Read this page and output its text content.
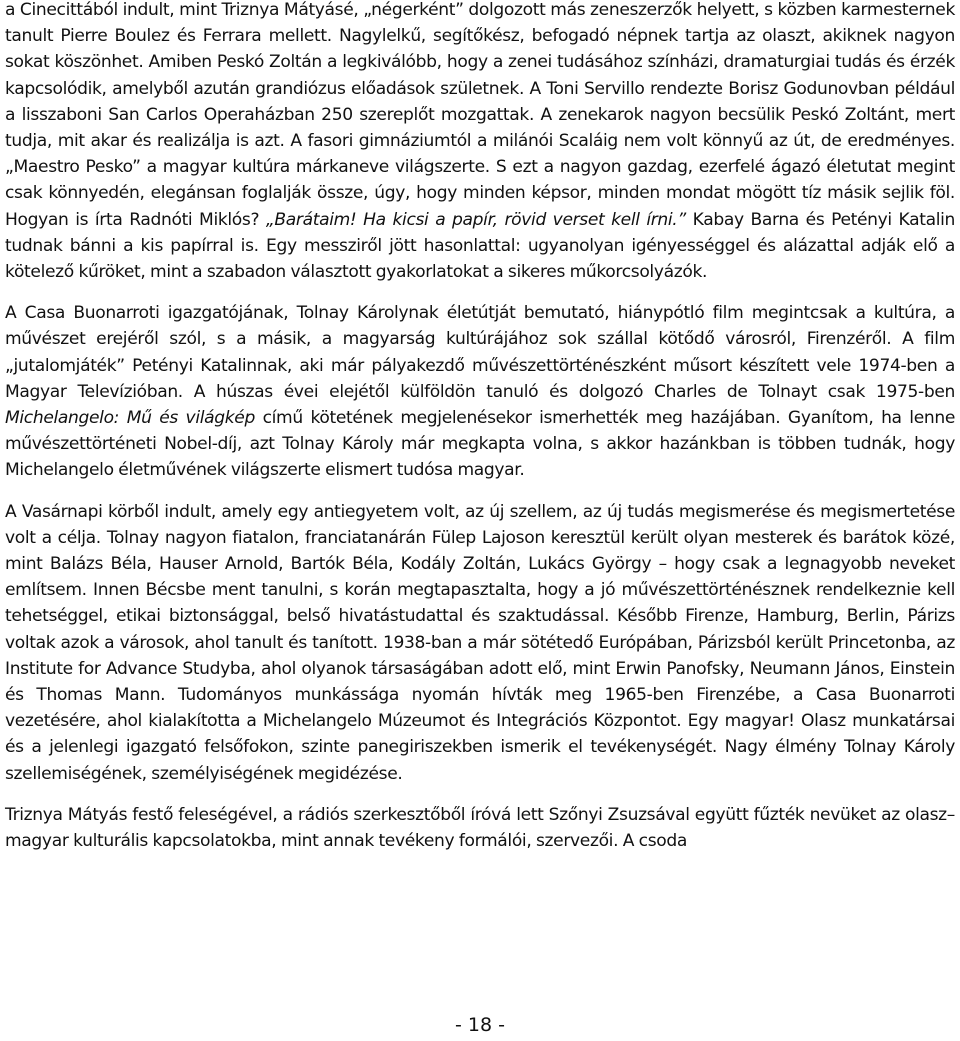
a Cinecittából indult, mint Triznya Mátyásé, „négerként” dolgozott más zeneszerzők helyett, s közben karmesternek tanult Pierre Boulez és Ferrara mellett. Nagylelkű, segítőkész, befogadó népnek tartja az olaszt, akiknek nagyon sokat köszönhet. Amiben Peskó Zoltán a legkiválóbb, hogy a zenei tudásához színházi, dramaturgiai tudás és érzék kapcsolódik, amelyből azután grandiózus előadások születnek. A Toni Servillo rendezte Borisz Godunovban például a lisszaboni San Carlos Operaházban 250 szereplőt mozgattak. A zenekarok nagyon becsülik Peskó Zoltánt, mert tudja, mit akar és realizálja is azt. A fasori gimnáziumtól a milánói Scaláig nem volt könnyű az út, de eredményes. „Maestro Pesko” a magyar kultúra márkaneve világszerte. S ezt a nagyon gazdag, ezerfelé ágazó életutat megint csak könnyedén, elegánsan foglalják össze, úgy, hogy minden képsor, minden mondat mögött tíz másik sejlik föl. Hogyan is írta Radnóti Miklós? „Barátaim! Ha kicsi a papír, rövid verset kell írni.” Kabay Barna és Petényi Katalin tudnak bánni a kis papírral is. Egy messziről jött hasonlattal: ugyanolyan igényességgel és alázattal adják elő a kötelező kűröket, mint a szabadon választott gyakorlatokat a sikeres műkorcsolyázók.

A Casa Buonarroti igazgatójának, Tolnay Károlynak életútját bemutató, hiánypótló film megintcsak a kultúra, a művészet erejéről szól, s a másik, a magyarság kultúrájához sok szállal kötődő városról, Firenzéről. A film „jutalomjáték” Petényi Katalinnak, aki már pályakezdő művészettörténészként műsort készített vele 1974-ben a Magyar Televízióban. A húszas évei elejétől külföldön tanuló és dolgozó Charles de Tolnayt csak 1975-ben Michelangelo: Mű és világkép című kötetének megjelenésekor ismerhették meg hazájában. Gyanítom, ha lenne művészettörténeti Nobel-díj, azt Tolnay Károly már megkapta volna, s akkor hazánkban is többen tudnák, hogy Michelangelo életművének világszerte elismert tudósa magyar.

A Vasárnapi körből indult, amely egy antiegyetem volt, az új szellem, az új tudás megismerése és megismertetése volt a célja. Tolnay nagyon fiatalon, franciatanárán Fülep Lajoson keresztül került olyan mesterek és barátok közé, mint Balázs Béla, Hauser Arnold, Bartók Béla, Kodály Zoltán, Lukács György – hogy csak a legnagyobb neveket említsem. Innen Bécsbe ment tanulni, s korán megtapasztalta, hogy a jó művészettörténésznek rendelkeznie kell tehetséggel, etikai biztonsággal, belső hivatástudattal és szaktudással. Később Firenze, Hamburg, Berlin, Párizs voltak azok a városok, ahol tanult és tanított. 1938-ban a már sötétedő Európában, Párizsból került Princetonba, az Institute for Advance Studyba, ahol olyanok társaságában adott elő, mint Erwin Panofsky, Neumann János, Einstein és Thomas Mann. Tudományos munkássága nyomán hívták meg 1965-ben Firenzébe, a Casa Buonarroti vezetésére, ahol kialakította a Michelangelo Múzeumot és Integrációs Központot. Egy magyar! Olasz munkatársai és a jelenlegi igazgató felsőfokon, szinte panegiriszekben ismerik el tevékenységét. Nagy élmény Tolnay Károly szellemiségének, személyiségének megidézése.

Triznya Mátyás festő feleségével, a rádiós szerkesztőből íróvá lett Szőnyi Zsuzsával együtt fűzték nevüket az olasz–magyar kulturális kapcsolatokba, mint annak tevékeny formálói, szervezői. A csoda

- 18 -
